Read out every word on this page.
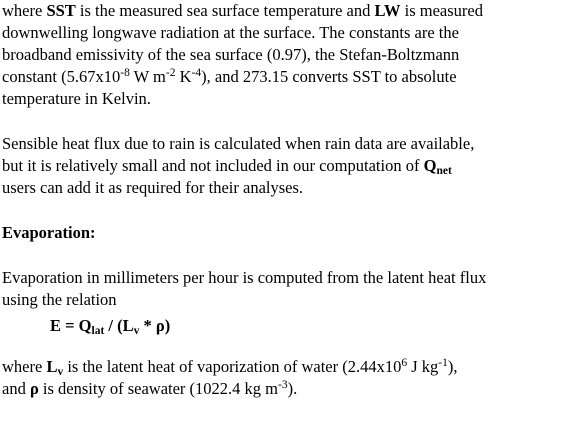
where SST is the measured sea surface temperature and LW is measured
downwelling longwave radiation at the surface. The constants are the
broadband emissivity of the sea surface (0.97), the Stefan-Boltzmann
constant ($5.67x10^{-8}$ W $m^{-2}$ $K^{-4}$), and 273.15 converts SST to absolute
temperature in Kelvin.
Sensible heat flux due to rain is calculated when rain data are available,
but it is relatively small and not included in our computation of $Q_{net}$
users can add it as required for their analyses.
Evaporation:
Evaporation in millimeters per hour is computed from the latent heat flux
using the relation
$E = Q_{lat} / (L_v * \rho)$
where $L_v$ is the latent heat of vaporization of water ($2.44x10^6$ J $kg^{-1}$),
and ρ is density of seawater (1022.4 kg $m^{-3}$).
